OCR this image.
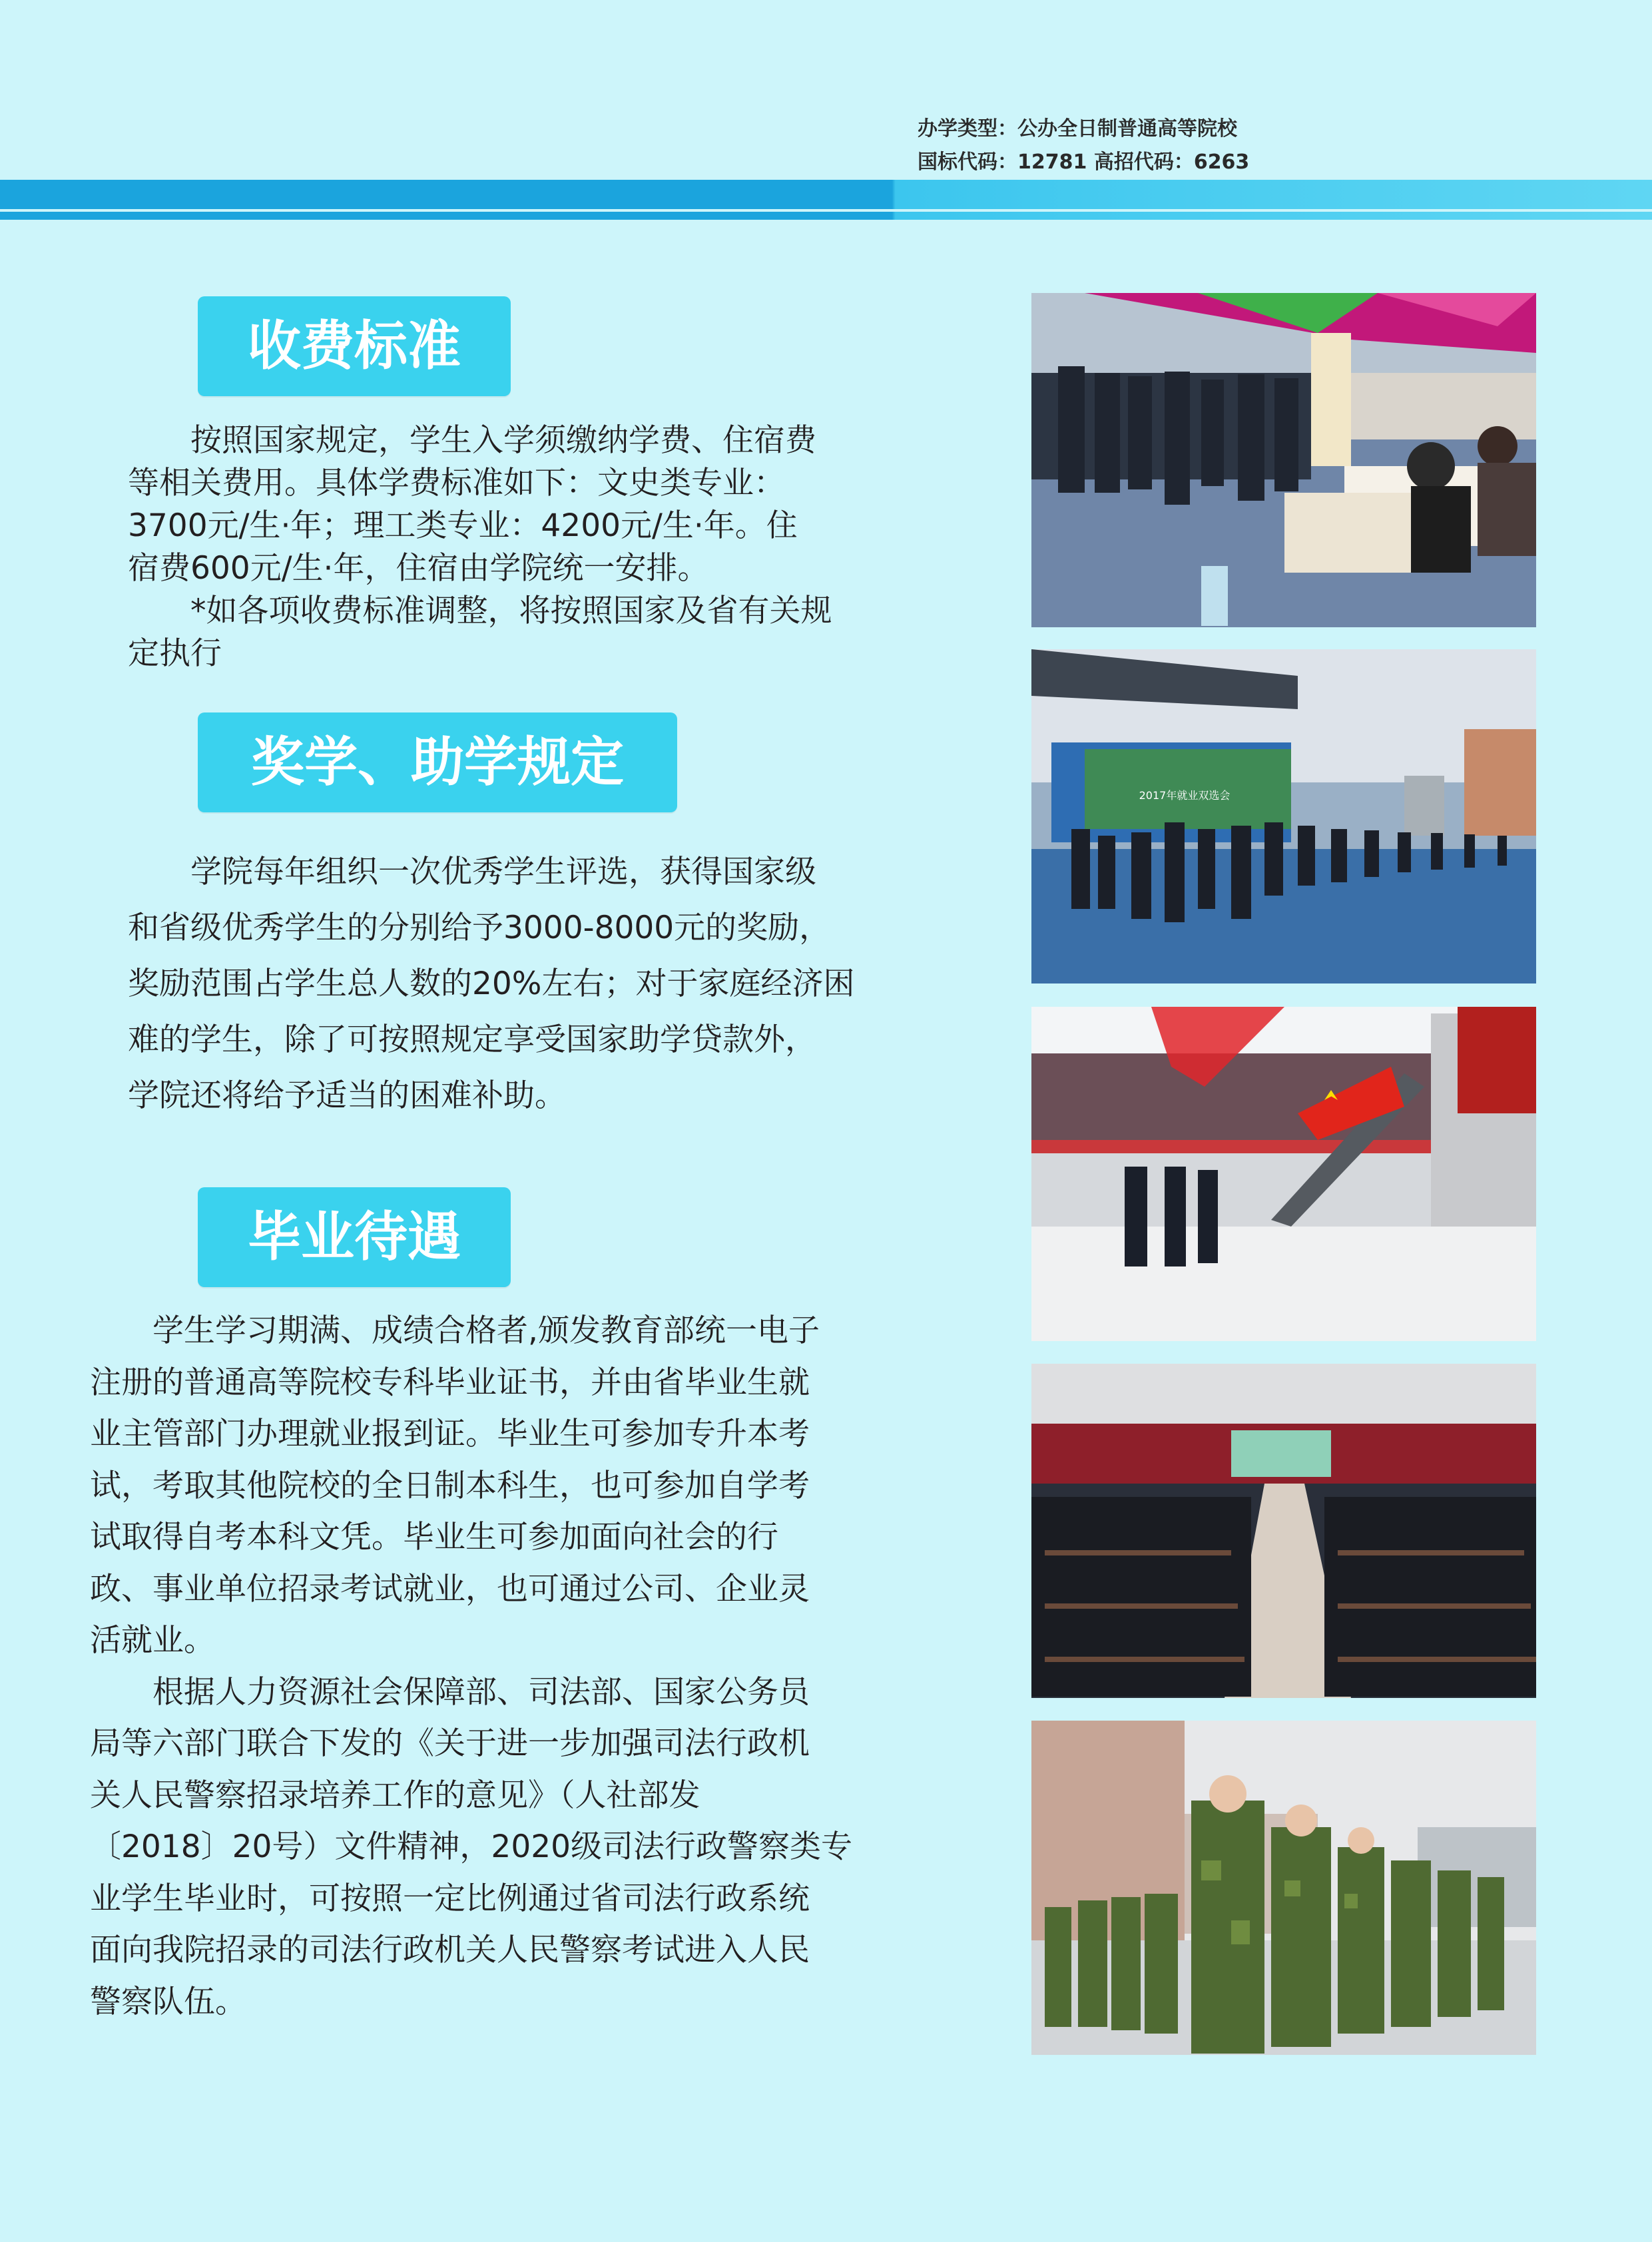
办学类型：公办全日制普通高等院校
国标代码：12781 高招代码：6263
收费标准
　　按照国家规定，学生入学须缴纳学费、住宿费
等相关费用。具体学费标准如下：文史类专业：
3700元/生·年；理工类专业：4200元/生·年。住
宿费600元/生·年，住宿由学院统一安排。
　　*如各项收费标准调整，将按照国家及省有关规
定执行
奖学、助学规定
　　学院每年组织一次优秀学生评选，获得国家级
和省级优秀学生的分别给予3000-8000元的奖励，
奖励范围占学生总人数的20%左右；对于家庭经济困
难的学生，除了可按照规定享受国家助学贷款外，
学院还将给予适当的困难补助。
毕业待遇
　　学生学习期满、成绩合格者,颁发教育部统一电子
注册的普通高等院校专科毕业证书，并由省毕业生就
业主管部门办理就业报到证。毕业生可参加专升本考
试，考取其他院校的全日制本科生，也可参加自学考
试取得自考本科文凭。毕业生可参加面向社会的行
政、事业单位招录考试就业，也可通过公司、企业灵
活就业。
　　根据人力资源社会保障部、司法部、国家公务员
局等六部门联合下发的《关于进一步加强司法行政机
关人民警察招录培养工作的意见》（人社部发
〔2018〕20号）文件精神，2020级司法行政警察类专
业学生毕业时，可按照一定比例通过省司法行政系统
面向我院招录的司法行政机关人民警察考试进入人民
警察队伍。
2017年就业双选会
